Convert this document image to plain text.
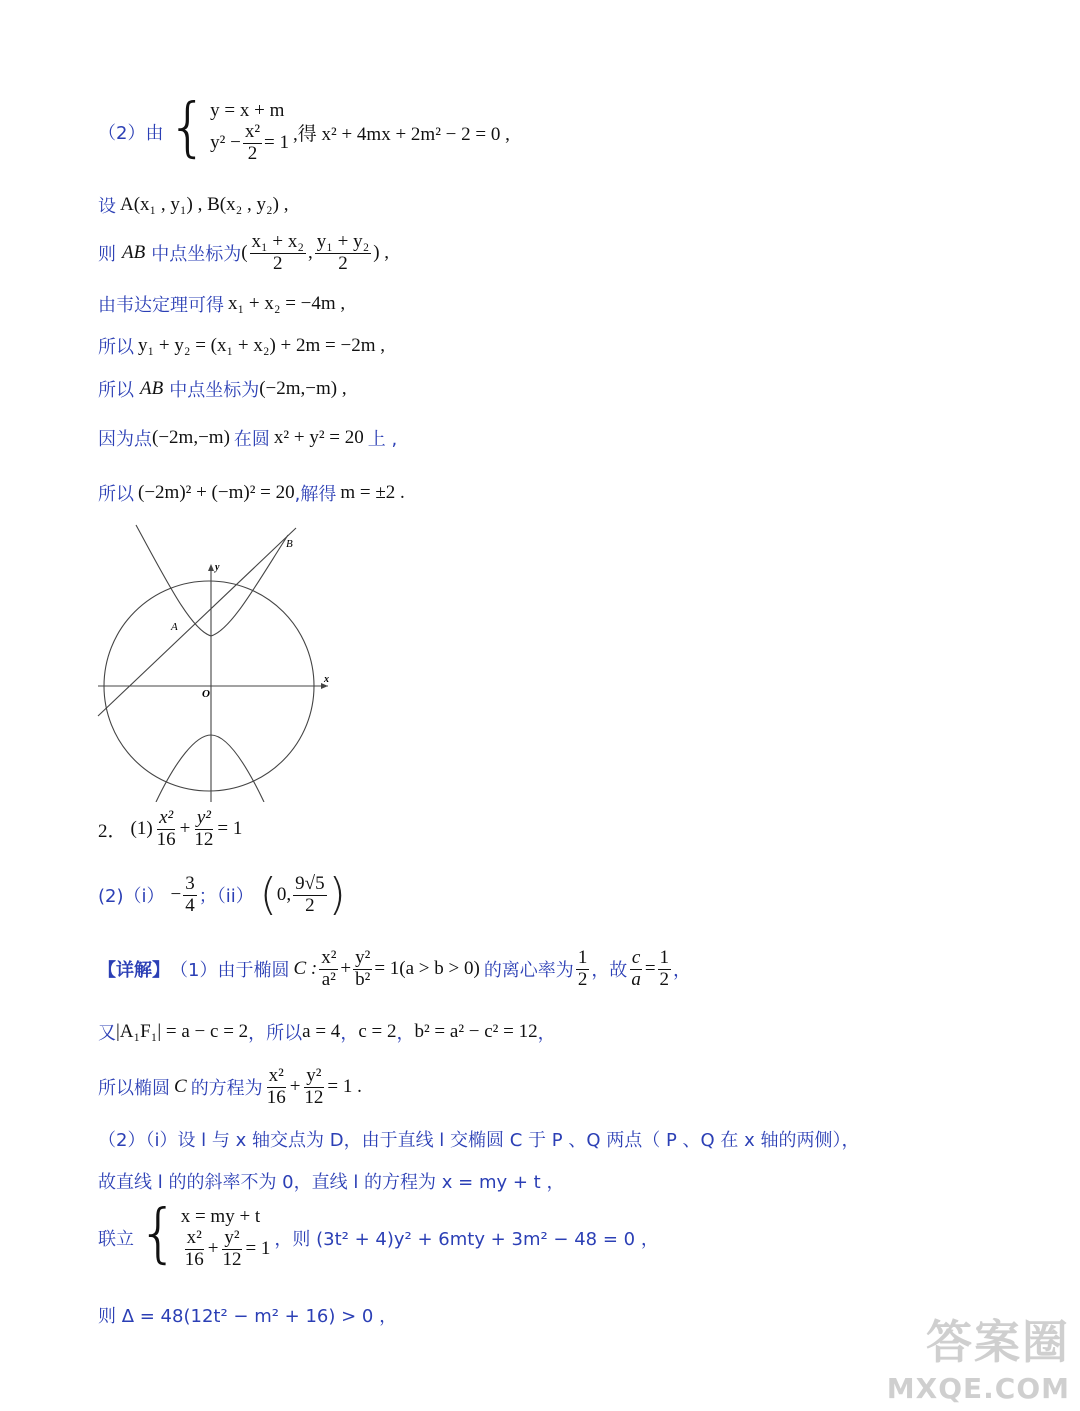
（2）由 { y = x + m
$y^2 - \frac{\text{x²}}{2} = 1$ ,得 x² + 4mx + 2m² − 2 = 0 ,
设 A(x₁ , y₁) , B(x₂ , y₂) ,
则 AB 中点坐标为 ( $\frac{\text{x₁ + x₂}}{2}$ , $\frac{\text{y₁ + y₂}}{2}$ ) ,
由韦达定理可得 x₁ + x₂ = −4m ,
所以 y₁ + y₂ = (x₁ + x₂) + 2m = −2m ,
所以 AB 中点坐标为 (−2m,−m) ,
因为点 (−2m,−m) 在圆 x² + y² = 20 上 ,
所以 (−2m)² + (−m)² = 20 ,解得 m = ±2 .
B
A
y
x
O
2． $(1) \frac{\text{x²}}{16} + \frac{\text{y²}}{12} = 1$
$(2)(i) - \frac{3}{4}$ ；（ii） ( 0, $\frac{9√5}{2}$ )
【详解】 （1）由于椭圆 C : $\frac{\text{x²}}{\text{a²}} + \frac{\text{y²}}{\text{b²}} = 1(a > b > 0)$ 的离心率为 $\frac{1}{2}$ ，故 $\frac{c}{a} = \frac{1}{2}$ ，
又 |A₁F₁| = a − c = 2 ，所以 a = 4 ， c = 2 ， b² = a² − c² = 12 ，
所以椭圆 C 的方程为 $\frac{\text{x²}}{16} + \frac{\text{y²}}{12} = 1$ .
（2）（i）设 l 与 x 轴交点为 D，由于直线 l 交椭圆 C 于 P 、Q 两点（ P 、Q 在 x 轴的两侧），
故直线 l 的的斜率不为 0，直线 l 的方程为 x = my + t ，
联立 { x = my + t
$\frac{\text{x²}}{16} + \frac{\text{y²}}{12} = 1$ ，则 (3t² + 4)y² + 6mty + 3m² − 48 = 0 ，
则 Δ = 48(12t² − m² + 16) > 0 ，	答案圈
MXQE.COM
